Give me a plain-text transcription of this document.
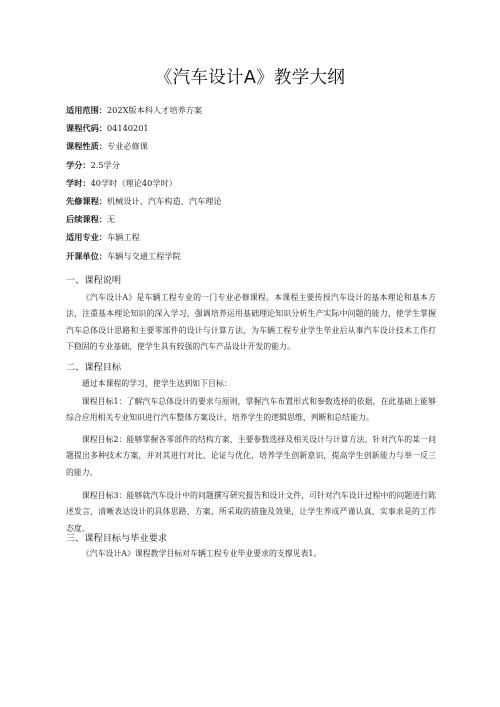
《汽车设计A》教学大纲
适用范围：202X版本科人才培养方案
课程代码：04140201
课程性质：专业必修课
学分：2.5学分
学时：40学时（理论40学时）
先修课程：机械设计、汽车构造、汽车理论
后续课程：无
适用专业：车辆工程
开课单位：车辆与交通工程学院
一、课程说明

《汽车设计A》是车辆工程专业的一门专业必修课程。本课程主要传授汽车设计的基本理论和基本方法，注重基本理论知识的深入学习，强调培养运用基础理论知识分析生产实际中问题的能力，使学生掌握汽车总体设计思路和主要零部件的设计与计算方法，为车辆工程专业学生毕业后从事汽车设计技术工作打下稳固的专业基础，使学生具有较强的汽车产品设计开发的能力。

二、课程目标

通过本课程的学习，使学生达到如下目标：

课程目标1：了解汽车总体设计的要求与原则，掌握汽车布置形式和参数选择的依据，在此基础上能够综合应用相关专业知识进行汽车整体方案设计，培养学生的逻辑思维、判断和总结能力。

课程目标2：能够掌握各零部件的结构方案、主要参数选择及相关设计与计算方法，针对汽车的某一问题提出多种技术方案，并对其进行对比、论证与优化，培养学生创新意识，提高学生创新能力与举一反三的能力。

课程目标3：能够就汽车设计中的问题撰写研究报告和设计文件，可针对汽车设计过程中的问题进行陈述发言，清晰表达设计的具体思路、方案、所采取的措施及效果，让学生养成严谨认真、实事求是的工作态度。

三、课程目标与毕业要求

《汽车设计A》课程教学目标对车辆工程专业毕业要求的支撑见表1。
